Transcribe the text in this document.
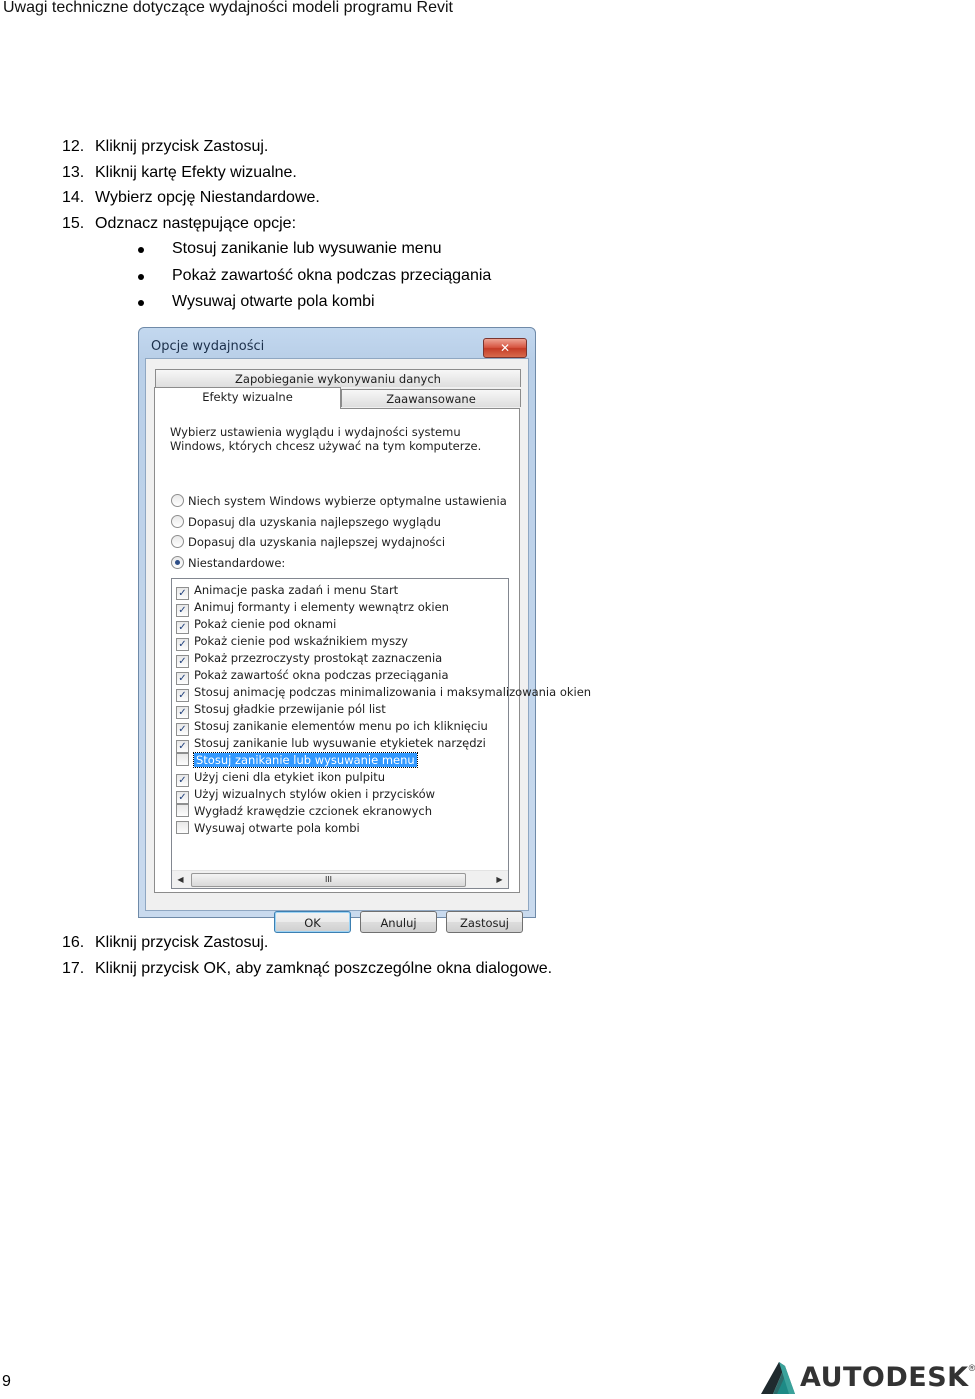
Uwagi techniczne dotyczące wydajności modeli programu Revit
12. Kliknij przycisk Zastosuj.
13. Kliknij kartę Efekty wizualne.
14. Wybierz opcję Niestandardowe.
15. Odznacz następujące opcje:
Stosuj zanikanie lub wysuwanie menu
Pokaż zawartość okna podczas przeciągania
Wysuwaj otwarte pola kombi
Opcje wydajności	✕
Zapobieganie wykonywaniu danych
Zaawansowane
Efekty wizualne
Wybierz ustawienia wyglądu i wydajności systemu Windows, których chcesz używać na tym komputerze.
Niech system Windows wybierze optymalne ustawienia
Dopasuj dla uzyskania najlepszego wyglądu
Dopasuj dla uzyskania najlepszej wydajności
Niestandardowe:
✓ Animacje paska zadań i menu Start
✓ Animuj formanty i elementy wewnątrz okien
✓ Pokaż cienie pod oknami
✓ Pokaż cienie pod wskaźnikiem myszy
✓ Pokaż przezroczysty prostokąt zaznaczenia
✓ Pokaż zawartość okna podczas przeciągania
✓ Stosuj animację podczas minimalizowania i maksymalizowania okien
✓ Stosuj gładkie przewijanie pól list
✓ Stosuj zanikanie elementów menu po ich kliknięciu
✓ Stosuj zanikanie lub wysuwanie etykietek narzędzi
Stosuj zanikanie lub wysuwanie menu
✓ Użyj cieni dla etykiet ikon pulpitu
✓ Użyj wizualnych stylów okien i przycisków
Wygładź krawędzie czcionek ekranowych
Wysuwaj otwarte pola kombi
◀	III	▶
OK	Anuluj	Zastosuj
16. Kliknij przycisk Zastosuj.
17. Kliknij przycisk OK, aby zamknąć poszczególne okna dialogowe.
9	AUTODESK ®
